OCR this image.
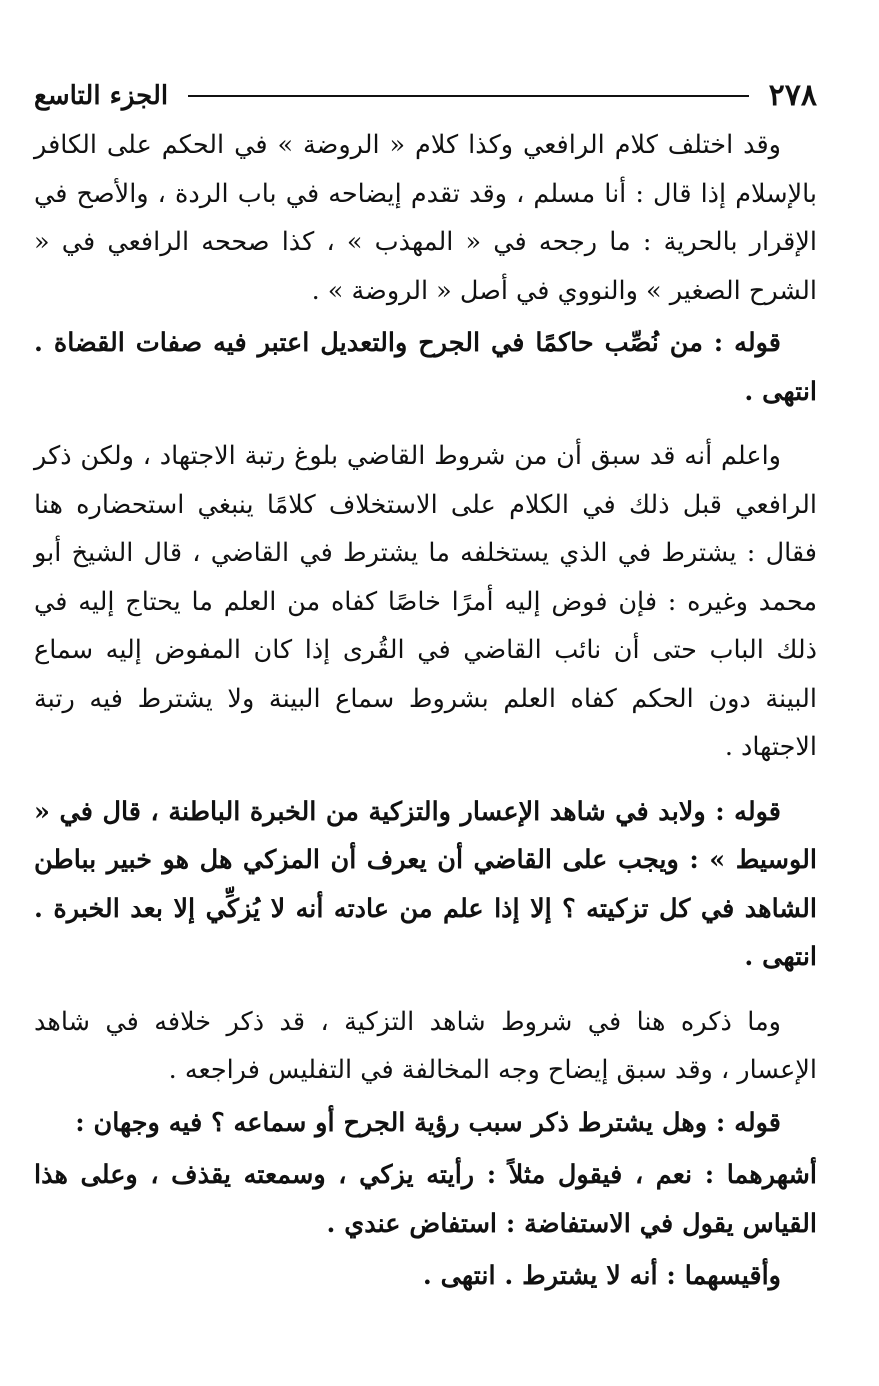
٢٧٨
الجزء التاسع

وقد اختلف كلام الرافعي وكذا كلام « الروضة » في الحكم على الكافر بالإسلام إذا قال : أنا مسلم ، وقد تقدم إيضاحه في باب الردة ، والأصح في الإقرار بالحرية : ما رجحه في « المهذب » ، كذا صححه الرافعي في « الشرح الصغير » والنووي في أصل « الروضة » .

قوله : من نُصِّب حاكمًا في الجرح والتعديل اعتبر فيه صفات القضاة . انتهى .

واعلم أنه قد سبق أن من شروط القاضي بلوغ رتبة الاجتهاد ، ولكن ذكر الرافعي قبل ذلك في الكلام على الاستخلاف كلامًا ينبغي استحضاره هنا فقال : يشترط في الذي يستخلفه ما يشترط في القاضي ، قال الشيخ أبو محمد وغيره : فإن فوض إليه أمرًا خاصًا كفاه من العلم ما يحتاج إليه في ذلك الباب حتى أن نائب القاضي في القُرى إذا كان المفوض إليه سماع البينة دون الحكم كفاه العلم بشروط سماع البينة ولا يشترط فيه رتبة الاجتهاد .

قوله : ولابد في شاهد الإعسار والتزكية من الخبرة الباطنة ، قال في « الوسيط » : ويجب على القاضي أن يعرف أن المزكي هل هو خبير بباطن الشاهد في كل تزكيته ؟ إلا إذا علم من عادته أنه لا يُزكِّي إلا بعد الخبرة . انتهى .

وما ذكره هنا في شروط شاهد التزكية ، قد ذكر خلافه في شاهد الإعسار ، وقد سبق إيضاح وجه المخالفة في التفليس فراجعه .

قوله : وهل يشترط ذكر سبب رؤية الجرح أو سماعه ؟ فيه وجهان :

أشهرهما : نعم ، فيقول مثلاً : رأيته يزكي ، وسمعته يقذف ، وعلى هذا القياس يقول في الاستفاضة : استفاض عندي .

وأقيسهما : أنه لا يشترط . انتهى .
